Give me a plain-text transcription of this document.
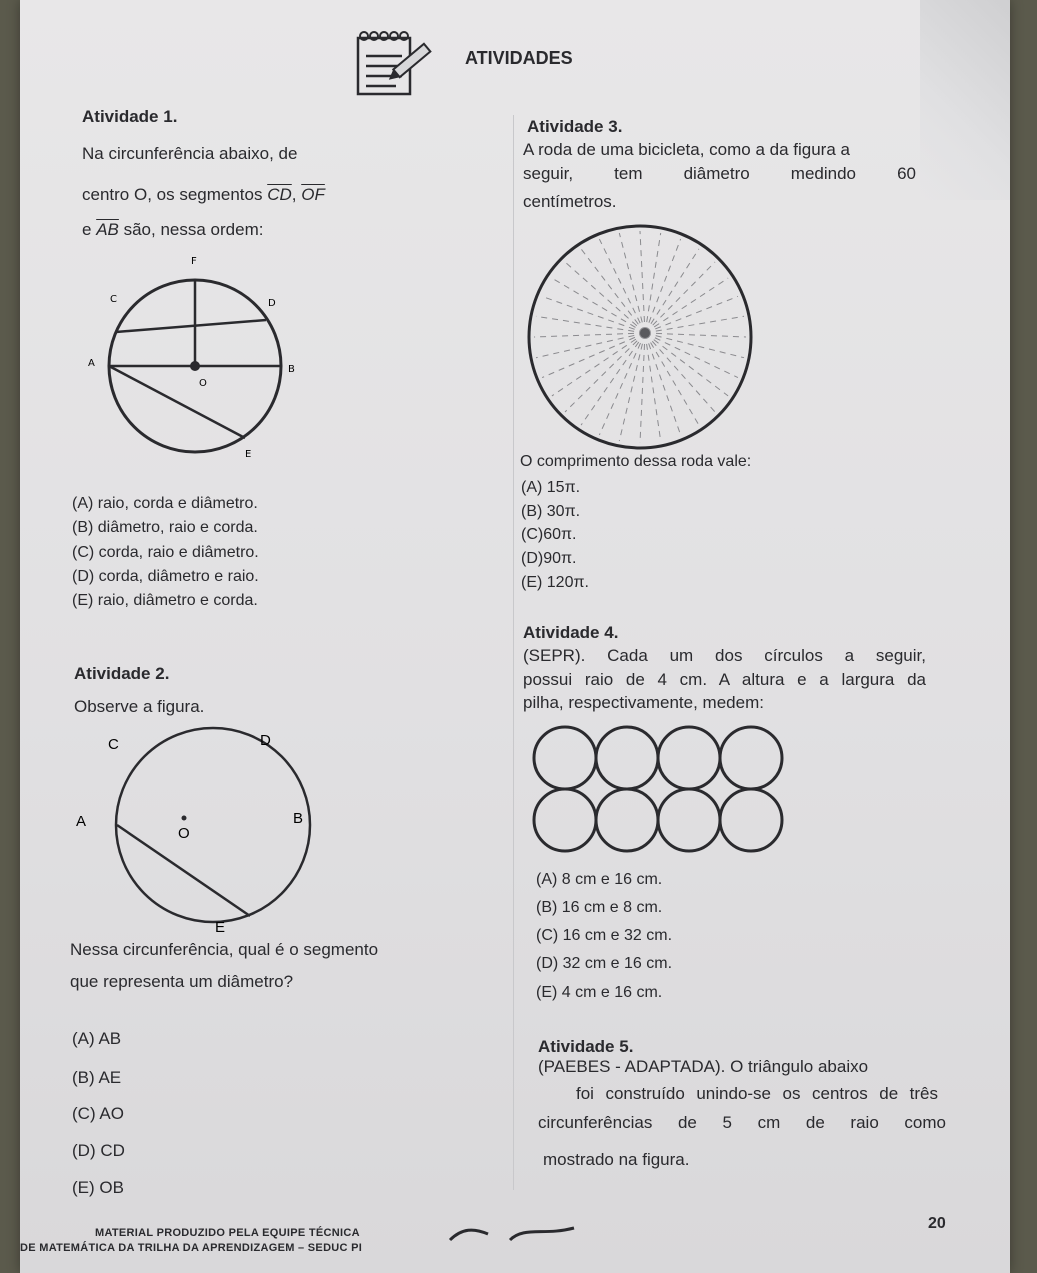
ATIVIDADES
Atividade 1.
Na circunferência abaixo, de
centro O, os segmentos $\overline{CD}$, $\overline{OF}$
e $\overline{AB}$ são, nessa ordem:
F
C	D
A
O
B
E
(A) raio, corda e diâmetro.
(B) diâmetro, raio e corda.
(C) corda, raio e diâmetro.
(D) corda, diâmetro e raio.
(E) raio, diâmetro e corda.
Atividade 2.
Observe a figura.
C	D
A
O
B
E
Nessa circunferência, qual é o segmento
que representa um diâmetro?
(A) AB
(B) AE
(C) AO
(D) CD
(E) OB
Atividade 3.
A roda de uma bicicleta, como a da figura a
seguir, tem diâmetro medindo 60
centímetros.
O comprimento dessa roda vale:
(A) 15π.
(B) 30π.
(C)60π.
(D)90π.
(E) 120π.
Atividade 4.
(SEPR). Cada um dos círculos a seguir,
possui raio de 4 cm. A altura e a largura da
pilha, respectivamente, medem:
(A) 8 cm e 16 cm.
(B) 16 cm e 8 cm.
(C) 16 cm e 32 cm.
(D) 32 cm e 16 cm.
(E) 4 cm e 16 cm.
Atividade 5.
(PAEBES - ADAPTADA). O triângulo abaixo
foi construído unindo-se os centros de três
circunferências de 5 cm de raio como
mostrado na figura.
MATERIAL PRODUZIDO PELA EQUIPE TÉCNICA
DE MATEMÁTICA DA TRILHA DA APRENDIZAGEM – SEDUC PI
20
